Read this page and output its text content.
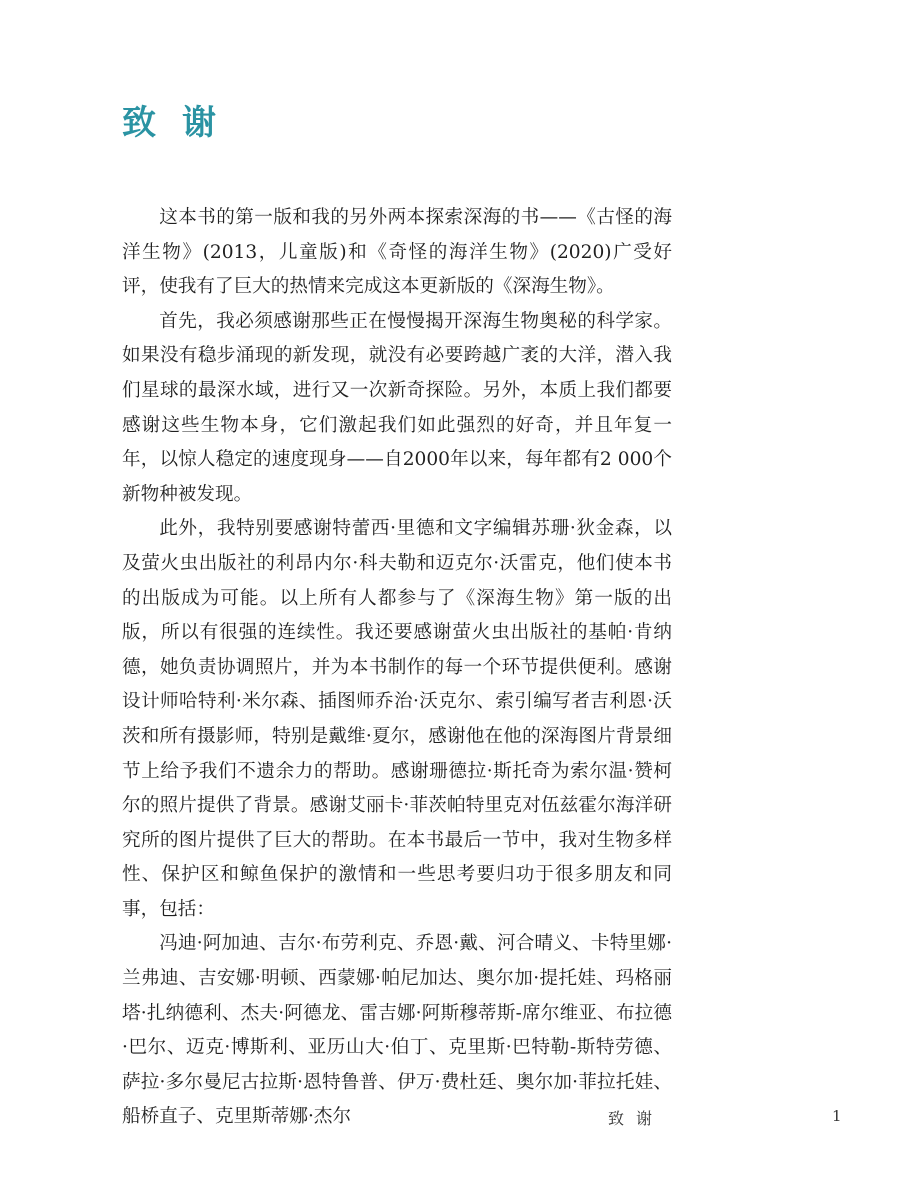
致谢

这本书的第一版和我的另外两本探索深海的书——《古怪的海洋生物》(2013，儿童版)和《奇怪的海洋生物》(2020)广受好评，使我有了巨大的热情来完成这本更新版的《深海生物》。

首先，我必须感谢那些正在慢慢揭开深海生物奥秘的科学家。如果没有稳步涌现的新发现，就没有必要跨越广袤的大洋，潜入我们星球的最深水域，进行又一次新奇探险。另外，本质上我们都要感谢这些生物本身，它们激起我们如此强烈的好奇，并且年复一年，以惊人稳定的速度现身——自2000年以来，每年都有2 000个新物种被发现。

此外，我特别要感谢特蕾西·里德和文字编辑苏珊·狄金森，以及萤火虫出版社的利昂内尔·科夫勒和迈克尔·沃雷克，他们使本书的出版成为可能。以上所有人都参与了《深海生物》第一版的出版，所以有很强的连续性。我还要感谢萤火虫出版社的基帕·肯纳德，她负责协调照片，并为本书制作的每一个环节提供便利。感谢设计师哈特利·米尔森、插图师乔治·沃克尔、索引编写者吉利恩·沃茨和所有摄影师，特别是戴维·夏尔，感谢他在他的深海图片背景细节上给予我们不遗余力的帮助。感谢珊德拉·斯托奇为索尔温·赞柯尔的照片提供了背景。感谢艾丽卡·菲茨帕特里克对伍兹霍尔海洋研究所的图片提供了巨大的帮助。在本书最后一节中，我对生物多样性、保护区和鲸鱼保护的激情和一些思考要归功于很多朋友和同事，包括：

冯迪·阿加迪、吉尔·布劳利克、乔恩·戴、河合晴义、卡特里娜·兰弗迪、吉安娜·明顿、西蒙娜·帕尼加达、奥尔加·提托娃、玛格丽塔·扎纳德利、杰夫·阿德龙、雷吉娜·阿斯穆蒂斯-席尔维亚、布拉德·巴尔、迈克·博斯利、亚历山大·伯丁、克里斯·巴特勒-斯特劳德、萨拉·多尔曼尼古拉斯·恩特鲁普、伊万·费杜廷、奥尔加·菲拉托娃、船桥直子、克里斯蒂娜·杰尔	致谢	1
